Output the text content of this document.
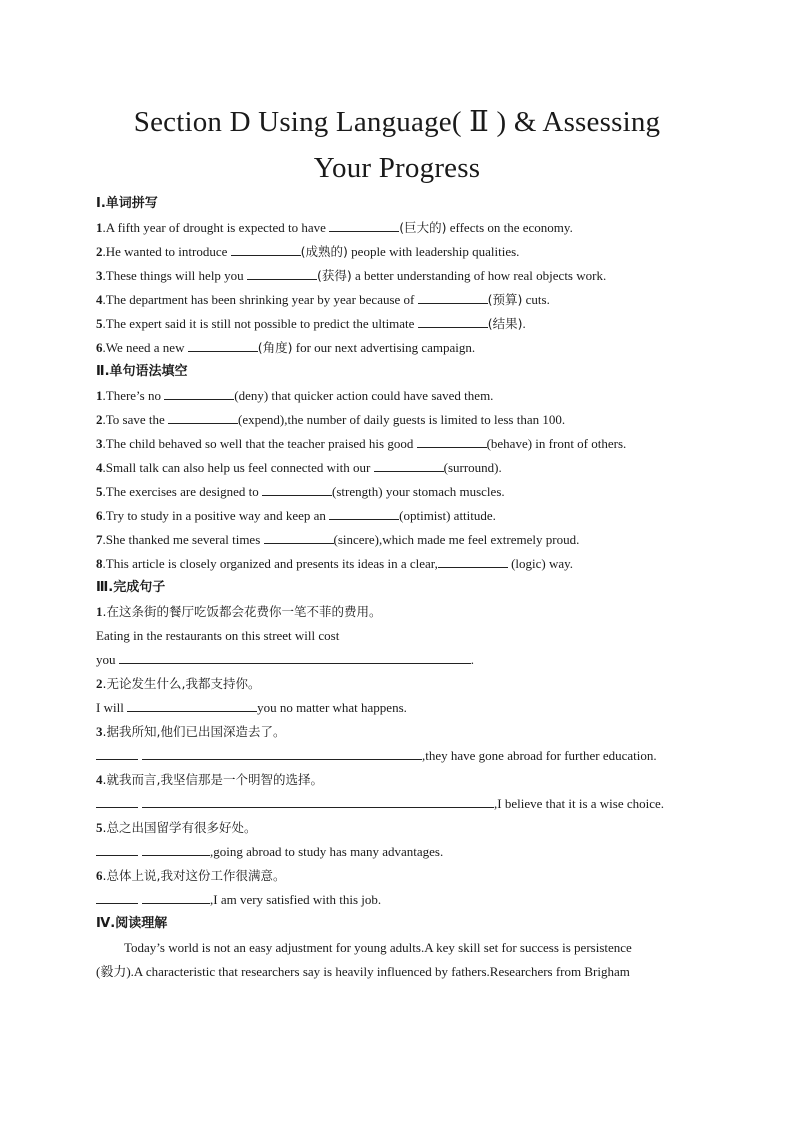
Section D Using Language( Ⅱ ) & Assessing
Your Progress
Ⅰ.单词拼写
1.A fifth year of drought is expected to have	(巨大的) effects on the economy.
2.He wanted to introduce	(成熟的) people with leadership qualities.
3.These things will help you	(获得) a better understanding of how real objects work.
4.The department has been shrinking year by year because of	(预算) cuts.
5.The expert said it is still not possible to predict the ultimate	(结果).
6.We need a new	(角度) for our next advertising campaign.
Ⅱ.单句语法填空
1.There’s no	(deny) that quicker action could have saved them.
2.To save the	(expend),the number of daily guests is limited to less than 100.
3.The child behaved so well that the teacher praised his good	(behave) in front of others.
4.Small talk can also help us feel connected with our	(surround).
5.The exercises are designed to	(strength) your stomach muscles.
6.Try to study in a positive way and keep an	(optimist) attitude.
7.She thanked me several times	(sincere),which made me feel extremely proud.
8.This article is closely organized and presents its ideas in a clear,	(logic) way.
Ⅲ.完成句子
1.在这条街的餐厅吃饭都会花费你一笔不菲的费用。
Eating in the restaurants on this street will cost
you	.
2.无论发生什么,我都支持你。
I will	you no matter what happens.
3.据我所知,他们已出国深造去了。
,they have gone abroad for further education.
4.就我而言,我坚信那是一个明智的选择。
,I believe that it is a wise choice.
5.总之出国留学有很多好处。
,going abroad to study has many advantages.
6.总体上说,我对这份工作很满意。
,I am very satisfied with this job.
Ⅳ.阅读理解
Today’s world is not an easy adjustment for young adults.A key skill set for success is persistence
(毅力).A characteristic that researchers say is heavily influenced by fathers.Researchers from Brigham
